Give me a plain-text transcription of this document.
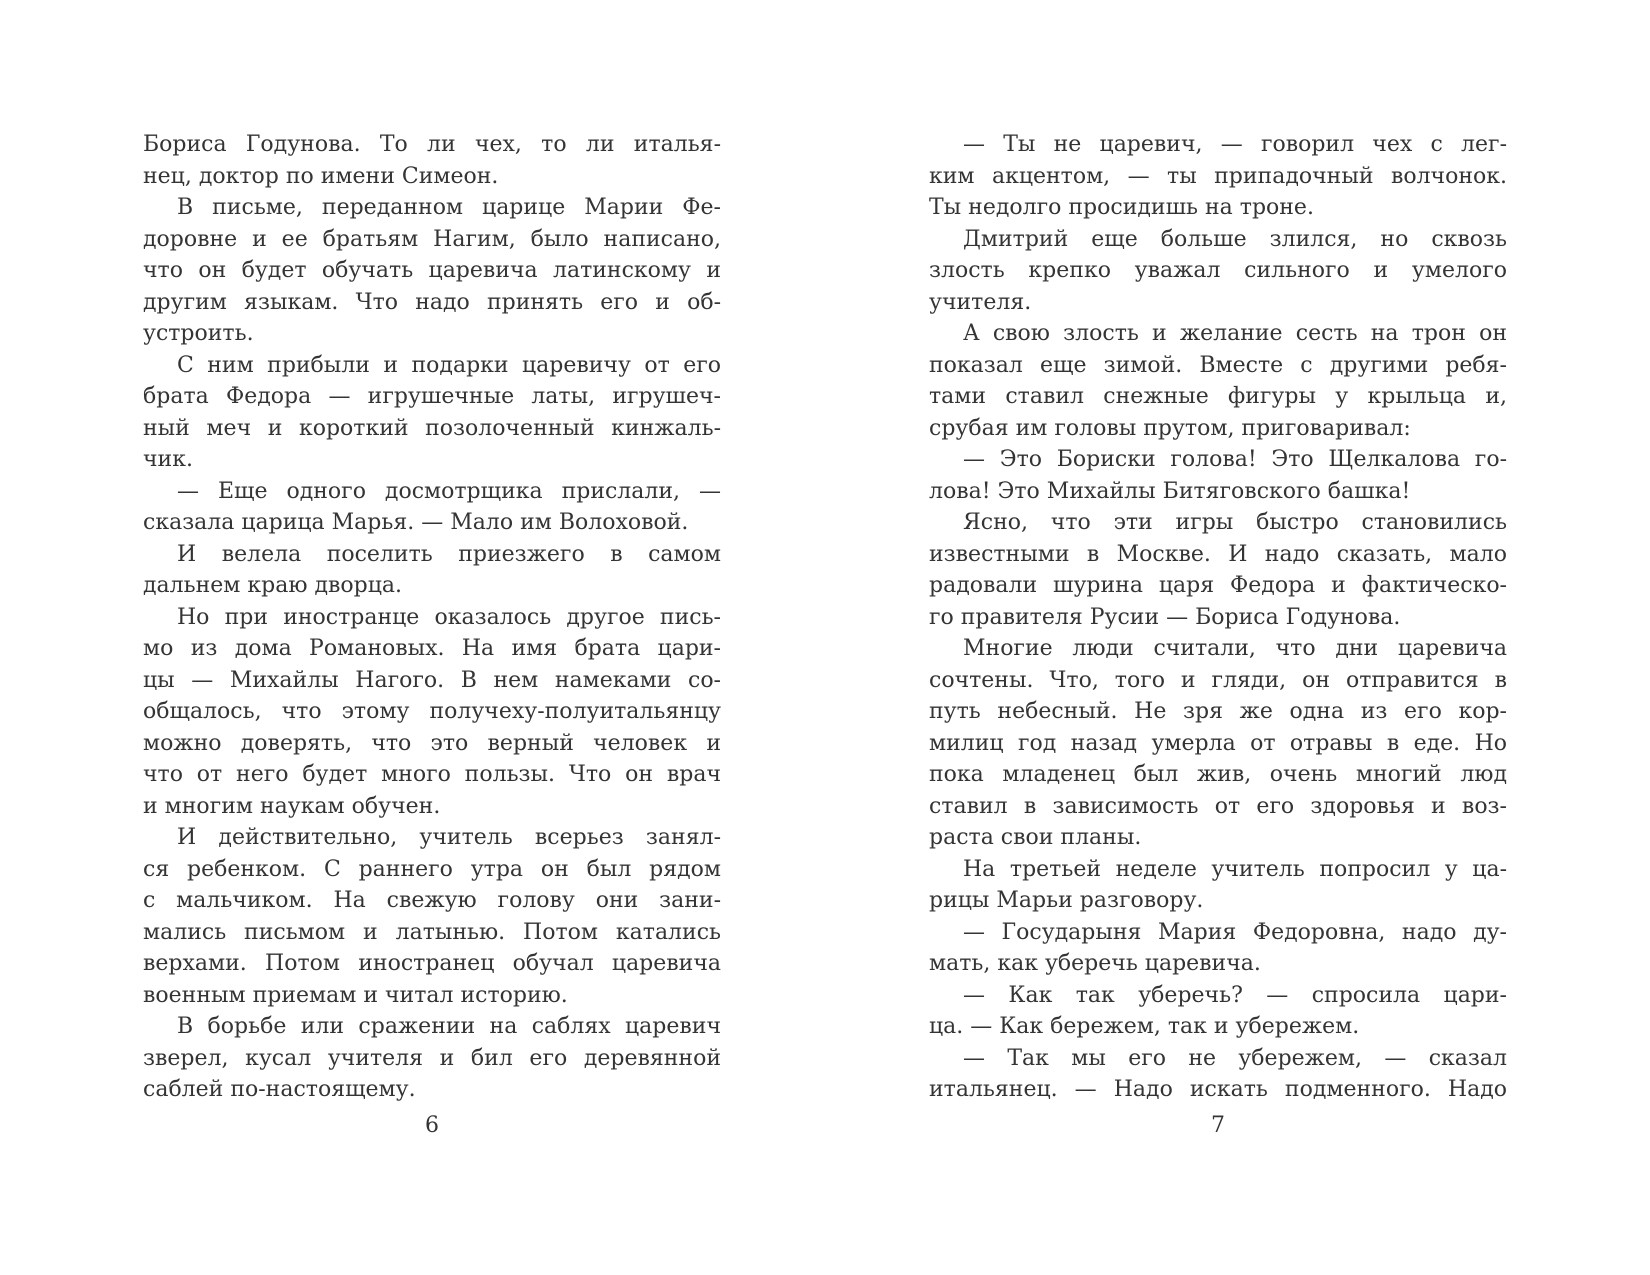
Бориса Годунова. То ли чех, то ли италья-
нец, доктор по имени Симеон.
В письме, переданном царице Марии Фе-
доровне и ее братьям Нагим, было написано,
что он будет обучать царевича латинскому и
другим языкам. Что надо принять его и об-
устроить.
С ним прибыли и подарки царевичу от его
брата Федора — игрушечные латы, игрушеч-
ный меч и короткий позолоченный кинжаль-
чик.
— Еще одного досмотрщика прислали, —
сказала царица Марья. — Мало им Волоховой.
И велела поселить приезжего в самом
дальнем краю дворца.
Но при иностранце оказалось другое пись-
мо из дома Романовых. На имя брата цари-
цы — Михайлы Нагого. В нем намеками со-
общалось, что этому получеху-полуитальянцу
можно доверять, что это верный человек и
что от него будет много пользы. Что он врач
и многим наукам обучен.
И действительно, учитель всерьез занял-
ся ребенком. С раннего утра он был рядом
с мальчиком. На свежую голову они зани-
мались письмом и латынью. Потом катались
верхами. Потом иностранец обучал царевича
военным приемам и читал историю.
В борьбе или сражении на саблях царевич
зверел, кусал учителя и бил его деревянной
саблей по-настоящему.
— Ты не царевич, — говорил чех с лег-
ким акцентом, — ты припадочный волчонок.
Ты недолго просидишь на троне.
Дмитрий еще больше злился, но сквозь
злость крепко уважал сильного и умелого
учителя.
А свою злость и желание сесть на трон он
показал еще зимой. Вместе с другими ребя-
тами ставил снежные фигуры у крыльца и,
срубая им головы прутом, приговаривал:
— Это Бориски голова! Это Щелкалова го-
лова! Это Михайлы Битяговского башка!
Ясно, что эти игры быстро становились
известными в Москве. И надо сказать, мало
радовали шурина царя Федора и фактическо-
го правителя Русии — Бориса Годунова.
Многие люди считали, что дни царевича
сочтены. Что, того и гляди, он отправится в
путь небесный. Не зря же одна из его кор-
милиц год назад умерла от отравы в еде. Но
пока младенец был жив, очень многий люд
ставил в зависимость от его здоровья и воз-
раста свои планы.
На третьей неделе учитель попросил у ца-
рицы Марьи разговору.
— Государыня Мария Федоровна, надо ду-
мать, как уберечь царевича.
— Как так уберечь? — спросила цари-
ца. — Как бережем, так и убережем.
— Так мы его не убережем, — сказал
итальянец. — Надо искать подменного. Надо
6	7
